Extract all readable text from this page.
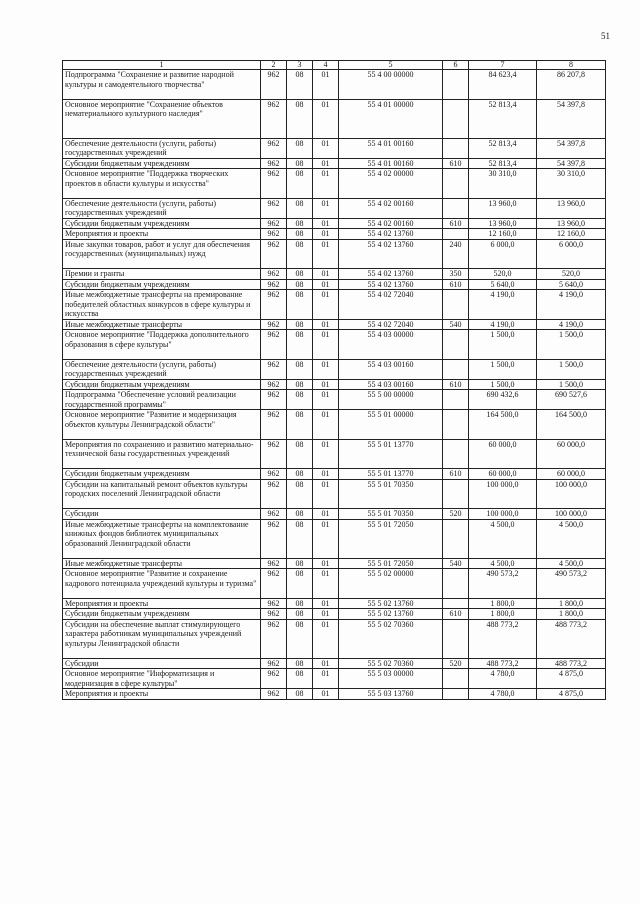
51
1	2	3	4	5	6	7	8
Подпрограмма "Сохранение и развитие народной культуры и самодеятельного творчества"	962	08	01	55 4 00 00000		84 623,4	86 207,8
Основное мероприятие "Сохранение объектов нематериального культурного наследия"	962	08	01	55 4 01 00000		52 813,4	54 397,8
Обеспечение деятельности (услуги, работы) государственных учреждений	962	08	01	55 4 01 00160		52 813,4	54 397,8
Субсидии бюджетным учреждениям	962	08	01	55 4 01 00160	610	52 813,4	54 397,8
Основное мероприятие "Поддержка творческих проектов в области культуры и искусства"	962	08	01	55 4 02 00000		30 310,0	30 310,0
Обеспечение деятельности (услуги, работы) государственных учреждений	962	08	01	55 4 02 00160		13 960,0	13 960,0
Субсидии бюджетным учреждениям	962	08	01	55 4 02 00160	610	13 960,0	13 960,0
Мероприятия и проекты	962	08	01	55 4 02 13760		12 160,0	12 160,0
Иные закупки товаров, работ и услуг для обеспечения государственных (муниципальных) нужд	962	08	01	55 4 02 13760	240	6 000,0	6 000,0
Премии и гранты	962	08	01	55 4 02 13760	350	520,0	520,0
Субсидии бюджетным учреждениям	962	08	01	55 4 02 13760	610	5 640,0	5 640,0
Иные межбюджетные трансферты на премирование победителей областных конкурсов в сфере культуры и искусства	962	08	01	55 4 02 72040		4 190,0	4 190,0
Иные межбюджетные трансферты	962	08	01	55 4 02 72040	540	4 190,0	4 190,0
Основное мероприятие "Поддержка дополнительного образования в сфере культуры"	962	08	01	55 4 03 00000		1 500,0	1 500,0
Обеспечение деятельности (услуги, работы) государственных учреждений	962	08	01	55 4 03 00160		1 500,0	1 500,0
Субсидии бюджетным учреждениям	962	08	01	55 4 03 00160	610	1 500,0	1 500,0
Подпрограмма "Обеспечение условий реализации государственной программы"	962	08	01	55 5 00 00000		690 432,6	690 527,6
Основное мероприятие "Развитие и модернизация объектов культуры Ленинградской области"	962	08	01	55 5 01 00000		164 500,0	164 500,0
Мероприятия по сохранению и развитию материально-технической базы государственных учреждений	962	08	01	55 5 01 13770		60 000,0	60 000,0
Субсидии бюджетным учреждениям	962	08	01	55 5 01 13770	610	60 000,0	60 000,0
Субсидии на капитальный ремонт объектов культуры городских поселений Ленинградской области	962	08	01	55 5 01 70350		100 000,0	100 000,0
Субсидии	962	08	01	55 5 01 70350	520	100 000,0	100 000,0
Иные межбюджетные трансферты на комплектование книжных фондов библиотек муниципальных образований Ленинградской области	962	08	01	55 5 01 72050		4 500,0	4 500,0
Иные межбюджетные трансферты	962	08	01	55 5 01 72050	540	4 500,0	4 500,0
Основное мероприятие "Развитие и сохранение кадрового потенциала учреждений культуры и туризма"	962	08	01	55 5 02 00000		490 573,2	490 573,2
Мероприятия и проекты	962	08	01	55 5 02 13760		1 800,0	1 800,0
Субсидии бюджетным учреждениям	962	08	01	55 5 02 13760	610	1 800,0	1 800,0
Субсидии на обеспечение выплат стимулирующего характера работникам муниципальных учреждений культуры Ленинградской области	962	08	01	55 5 02 70360		488 773,2	488 773,2
Субсидии	962	08	01	55 5 02 70360	520	488 773,2	488 773,2
Основное мероприятие "Информатизация и модернизация в сфере культуры"	962	08	01	55 5 03 00000		4 780,0	4 875,0
Мероприятия и проекты	962	08	01	55 5 03 13760		4 780,0	4 875,0
